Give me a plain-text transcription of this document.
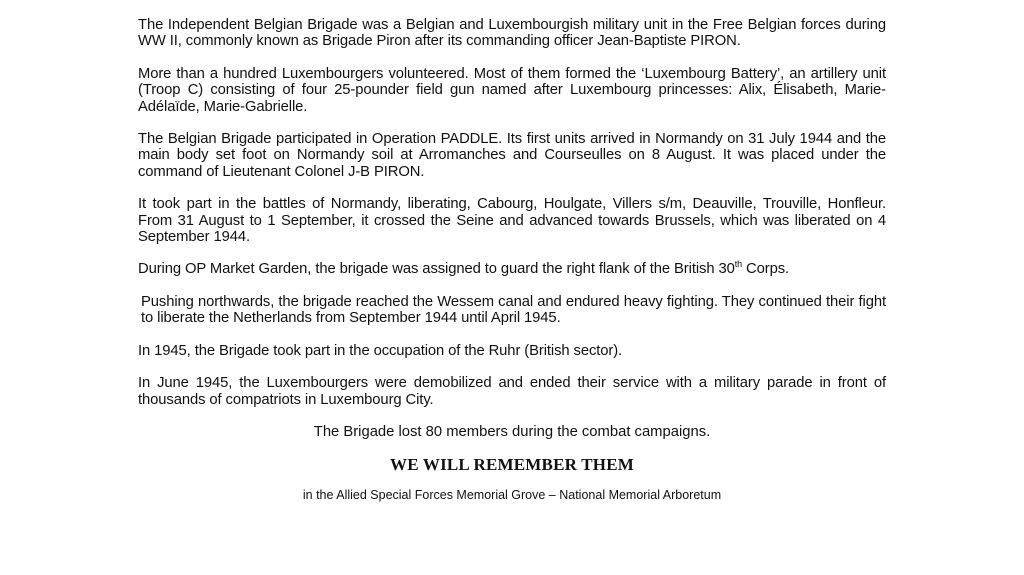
The Independent Belgian Brigade was a Belgian and Luxembourgish military unit in the Free Belgian forces during WW II, commonly known as Brigade Piron after its commanding officer Jean-Baptiste PIRON.

More than a hundred Luxembourgers volunteered. Most of them formed the ‘Luxembourg Battery’, an artillery unit (Troop C) consisting of four 25-pounder field gun named after Luxembourg princesses: Alix, Élisabeth, Marie-Adélaïde, Marie-Gabrielle.

The Belgian Brigade participated in Operation PADDLE. Its first units arrived in Normandy on 31 July 1944 and the main body set foot on Normandy soil at Arromanches and Courseulles on 8 August. It was placed under the command of Lieutenant Colonel J-B PIRON.

It took part in the battles of Normandy, liberating, Cabourg, Houlgate, Villers s/m, Deauville, Trouville, Honfleur. From 31 August to 1 September, it crossed the Seine and advanced towards Brussels, which was liberated on 4 September 1944.

During OP Market Garden, the brigade was assigned to guard the right flank of the British 30th Corps.

Pushing northwards, the brigade reached the Wessem canal and endured heavy fighting. They continued their fight to liberate the Netherlands from September 1944 until April 1945.

In 1945, the Brigade took part in the occupation of the Ruhr (British sector).

In June 1945, the Luxembourgers were demobilized and ended their service with a military parade in front of thousands of compatriots in Luxembourg City.

The Brigade lost 80 members during the combat campaigns.

WE WILL REMEMBER THEM

in the Allied Special Forces Memorial Grove – National Memorial Arboretum
